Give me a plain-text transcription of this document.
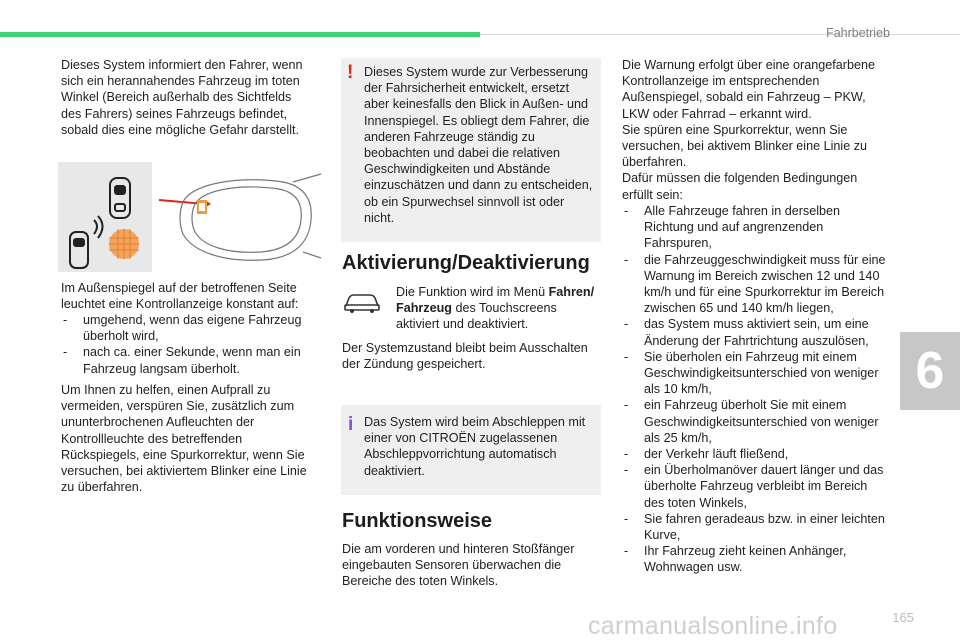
Fahrbetrieb
6

Dieses System informiert den Fahrer, wenn sich ein herannahendes Fahrzeug im toten Winkel (Bereich außerhalb des Sichtfelds des Fahrers) seines Fahrzeugs befindet, sobald dies eine mögliche Gefahr darstellt.

Im Außenspiegel auf der betroffenen Seite leuchtet eine Kontrollanzeige konstant auf:

- umgehend, wenn das eigene Fahrzeug überholt wird,
- nach ca. einer Sekunde, wenn man ein Fahrzeug langsam überholt.

Um Ihnen zu helfen, einen Aufprall zu vermeiden, verspüren Sie, zusätzlich zum ununterbrochenen Aufleuchten der Kontrollleuchte des betreffenden Rückspiegels, eine Spurkorrektur, wenn Sie versuchen, bei aktiviertem Blinker eine Linie zu überfahren.

! Dieses System wurde zur Verbesserung der Fahrsicherheit entwickelt, ersetzt aber keinesfalls den Blick in Außen- und Innenspiegel. Es obliegt dem Fahrer, die anderen Fahrzeuge ständig zu beobachten und dabei die relativen Geschwindigkeiten und Abstände einzuschätzen und dann zu entscheiden, ob ein Spurwechsel sinnvoll ist oder nicht.

Aktivierung/Deaktivierung

Die Funktion wird im Menü Fahren/ Fahrzeug des Touchscreens aktiviert und deaktiviert.

Der Systemzustand bleibt beim Ausschalten der Zündung gespeichert.

i Das System wird beim Abschleppen mit einer von CITROËN zugelassenen Abschleppvorrichtung automatisch deaktiviert.

Funktionsweise

Die am vorderen und hinteren Stoßfänger eingebauten Sensoren überwachen die Bereiche des toten Winkels.

Die Warnung erfolgt über eine orangefarbene Kontrollanzeige im entsprechenden Außenspiegel, sobald ein Fahrzeug – PKW, LKW oder Fahrrad – erkannt wird.
Sie spüren eine Spurkorrektur, wenn Sie versuchen, bei aktivem Blinker eine Linie zu überfahren.
Dafür müssen die folgenden Bedingungen erfüllt sein:

- Alle Fahrzeuge fahren in derselben Richtung und auf angrenzenden Fahrspuren,
- die Fahrzeuggeschwindigkeit muss für eine Warnung im Bereich zwischen 12 und 140 km/h und für eine Spurkorrektur im Bereich zwischen 65 und 140 km/h liegen,
- das System muss aktiviert sein, um eine Änderung der Fahrtrichtung auszulösen,
- Sie überholen ein Fahrzeug mit einem Geschwindigkeitsunterschied von weniger als 10 km/h,
- ein Fahrzeug überholt Sie mit einem Geschwindigkeitsunterschied von weniger als 25 km/h,
- der Verkehr läuft fließend,
- ein Überholmanöver dauert länger und das überholte Fahrzeug verbleibt im Bereich des toten Winkels,
- Sie fahren geradeaus bzw. in einer leichten Kurve,
- Ihr Fahrzeug zieht keinen Anhänger, Wohnwagen usw.
165
carmanualsonline.info
